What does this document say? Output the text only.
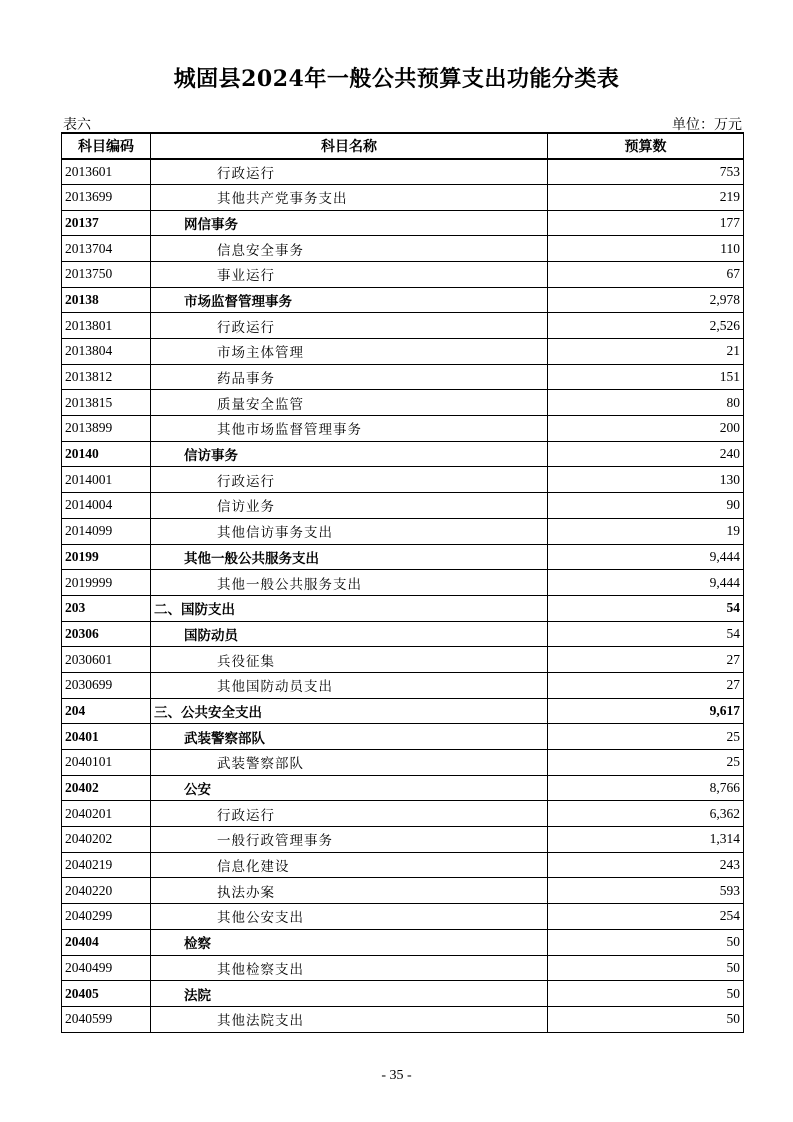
城固县2024年一般公共预算支出功能分类表
表六	单位：万元
科目编码	科目名称	预算数
2013601	行政运行	753
2013699	其他共产党事务支出	219
20137	网信事务	177
2013704	信息安全事务	110
2013750	事业运行	67
20138	市场监督管理事务	2,978
2013801	行政运行	2,526
2013804	市场主体管理	21
2013812	药品事务	151
2013815	质量安全监管	80
2013899	其他市场监督管理事务	200
20140	信访事务	240
2014001	行政运行	130
2014004	信访业务	90
2014099	其他信访事务支出	19
20199	其他一般公共服务支出	9,444
2019999	其他一般公共服务支出	9,444
203	二、国防支出	54
20306	国防动员	54
2030601	兵役征集	27
2030699	其他国防动员支出	27
204	三、公共安全支出	9,617
20401	武装警察部队	25
2040101	武装警察部队	25
20402	公安	8,766
2040201	行政运行	6,362
2040202	一般行政管理事务	1,314
2040219	信息化建设	243
2040220	执法办案	593
2040299	其他公安支出	254
20404	检察	50
2040499	其他检察支出	50
20405	法院	50
2040599	其他法院支出	50
- 35 -
